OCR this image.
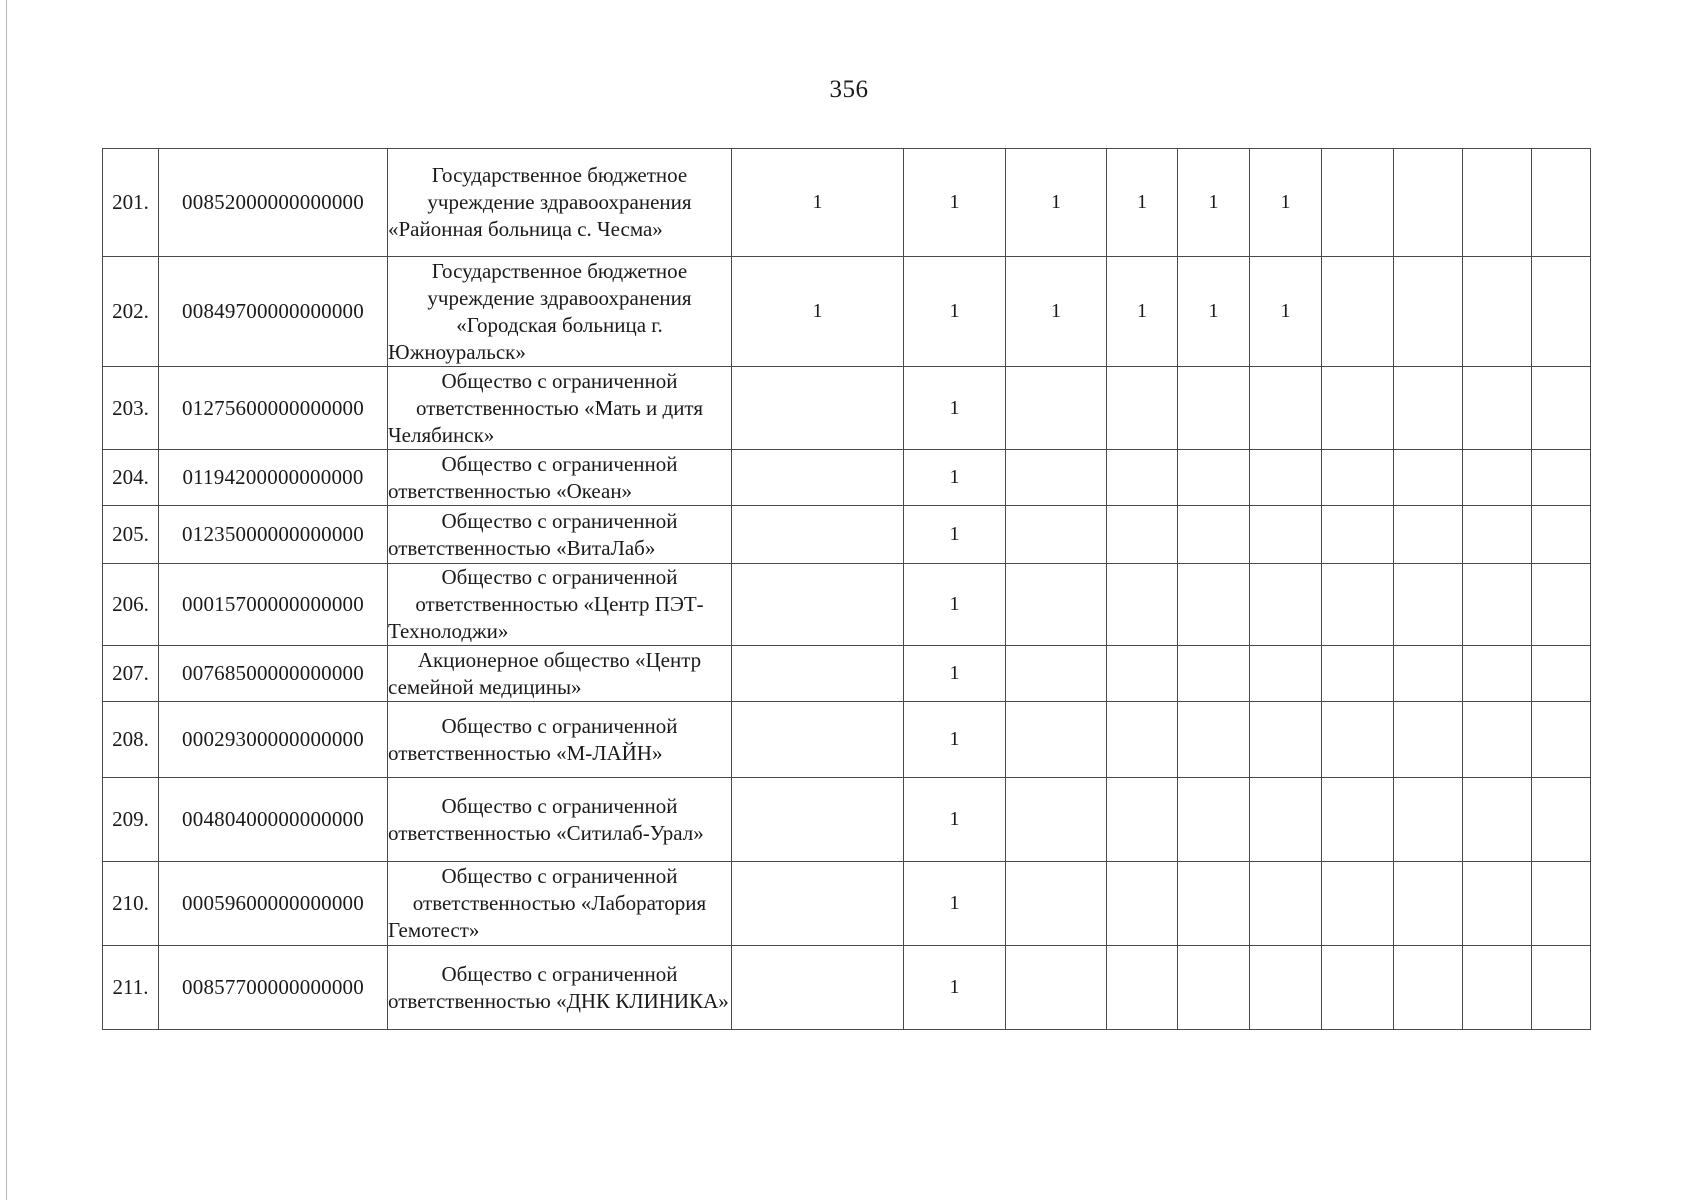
356
201.	00852000000000000	Государственное бюджетное учреждение здравоохранения «Районная больница с. Чесма»	1	1	1	1	1	1				
202.	00849700000000000	Государственное бюджетное учреждение здравоохранения «Городская больница г. Южноуральск»	1	1	1	1	1	1				
203.	01275600000000000	Общество с ограниченной ответственностью «Мать и дитя Челябинск»		1								
204.	01194200000000000	Общество с ограниченной ответственностью «Океан»		1								
205.	01235000000000000	Общество с ограниченной ответственностью «ВитаЛаб»		1								
206.	00015700000000000	Общество с ограниченной ответственностью «Центр ПЭТ-Технолоджи»		1								
207.	00768500000000000	Акционерное общество «Центр семейной медицины»		1								
208.	00029300000000000	Общество с ограниченной ответственностью «М-ЛАЙН»		1								
209.	00480400000000000	Общество с ограниченной ответственностью «Ситилаб-Урал»		1								
210.	00059600000000000	Общество с ограниченной ответственностью «Лаборатория Гемотест»		1								
211.	00857700000000000	Общество с ограниченной ответственностью «ДНК КЛИНИКА»		1								
